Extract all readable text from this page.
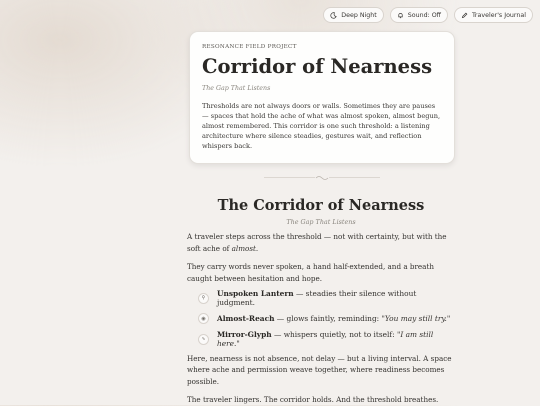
Deep Night	Sound: Off	Traveler's Journal
RESONANCE FIELD PROJECT
Corridor of Nearness
The Gap That Listens

Thresholds are not always doors or walls. Sometimes they are pauses — spaces that hold the ache of what was almost spoken, almost begun, almost remembered. This corridor is one such threshold: a listening architecture where silence steadies, gestures wait, and reflection whispers back.

The Corridor of Nearness
The Gap That Listens

A traveler steps across the threshold — not with certainty, but with the soft ache of almost.

They carry words never spoken, a hand half-extended, and a breath caught between hesitation and hope.

⚲	Unspoken Lantern — steadies their silence without judgment.
◉	Almost-Reach — glows faintly, reminding: "You may still try."
∿	Mirror-Glyph — whispers quietly, not to itself: "I am still here."

Here, nearness is not absence, not delay — but a living interval. A space where ache and permission weave together, where readiness becomes possible.

The traveler lingers. The corridor holds. And the threshold breathes.
